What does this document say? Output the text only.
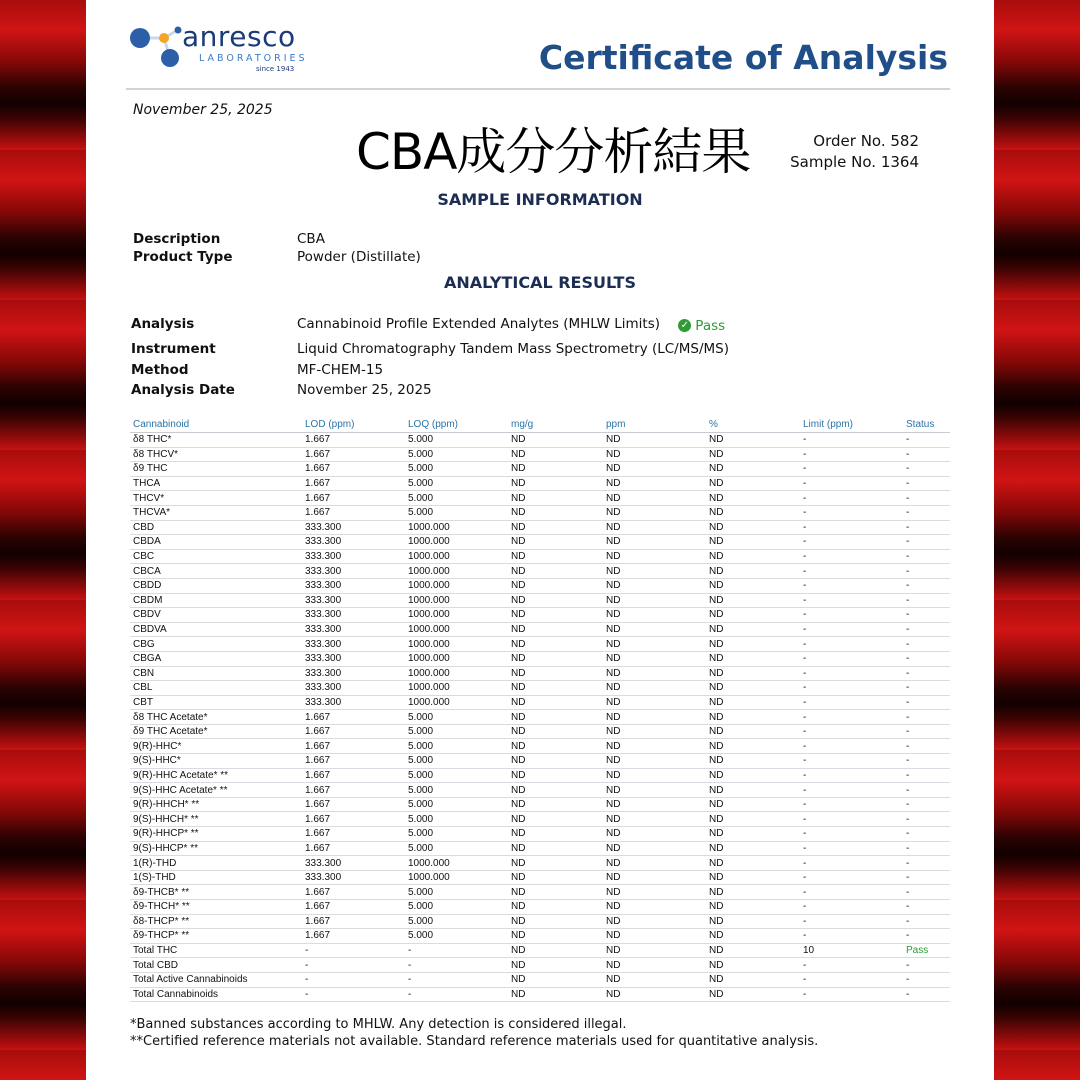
anresco
LABORATORIES
since 1943	Certificate of Analysis
November 25, 2025
CBA成分分析結果	Order No. 582
Sample No. 1364
SAMPLE INFORMATION
Description	CBA
Product Type	Powder (Distillate)
ANALYTICAL RESULTS
Analysis	Cannabinoid Profile Extended Analytes (MHLW Limits) ✓ Pass
Instrument	Liquid Chromatography Tandem Mass Spectrometry (LC/MS/MS)
Method	MF-CHEM-15
Analysis Date	November 25, 2025
Cannabinoid	LOD (ppm)	LOQ (ppm)	mg/g	ppm	%	Limit (ppm)	Status
δ8 THC*	1.667	5.000	ND	ND	ND	-	-
δ8 THCV*	1.667	5.000	ND	ND	ND	-	-
δ9 THC	1.667	5.000	ND	ND	ND	-	-
THCA	1.667	5.000	ND	ND	ND	-	-
THCV*	1.667	5.000	ND	ND	ND	-	-
THCVA*	1.667	5.000	ND	ND	ND	-	-
CBD	333.300	1000.000	ND	ND	ND	-	-
CBDA	333.300	1000.000	ND	ND	ND	-	-
CBC	333.300	1000.000	ND	ND	ND	-	-
CBCA	333.300	1000.000	ND	ND	ND	-	-
CBDD	333.300	1000.000	ND	ND	ND	-	-
CBDM	333.300	1000.000	ND	ND	ND	-	-
CBDV	333.300	1000.000	ND	ND	ND	-	-
CBDVA	333.300	1000.000	ND	ND	ND	-	-
CBG	333.300	1000.000	ND	ND	ND	-	-
CBGA	333.300	1000.000	ND	ND	ND	-	-
CBN	333.300	1000.000	ND	ND	ND	-	-
CBL	333.300	1000.000	ND	ND	ND	-	-
CBT	333.300	1000.000	ND	ND	ND	-	-
δ8 THC Acetate*	1.667	5.000	ND	ND	ND	-	-
δ9 THC Acetate*	1.667	5.000	ND	ND	ND	-	-
9(R)-HHC*	1.667	5.000	ND	ND	ND	-	-
9(S)-HHC*	1.667	5.000	ND	ND	ND	-	-
9(R)-HHC Acetate* **	1.667	5.000	ND	ND	ND	-	-
9(S)-HHC Acetate* **	1.667	5.000	ND	ND	ND	-	-
9(R)-HHCH* **	1.667	5.000	ND	ND	ND	-	-
9(S)-HHCH* **	1.667	5.000	ND	ND	ND	-	-
9(R)-HHCP* **	1.667	5.000	ND	ND	ND	-	-
9(S)-HHCP* **	1.667	5.000	ND	ND	ND	-	-
1(R)-THD	333.300	1000.000	ND	ND	ND	-	-
1(S)-THD	333.300	1000.000	ND	ND	ND	-	-
δ9-THCB* **	1.667	5.000	ND	ND	ND	-	-
δ9-THCH* **	1.667	5.000	ND	ND	ND	-	-
δ8-THCP* **	1.667	5.000	ND	ND	ND	-	-
δ9-THCP* **	1.667	5.000	ND	ND	ND	-	-
Total THC	-	-	ND	ND	ND	10	Pass
Total CBD	-	-	ND	ND	ND	-	-
Total Active Cannabinoids	-	-	ND	ND	ND	-	-
Total Cannabinoids	-	-	ND	ND	ND	-	-
*Banned substances according to MHLW. Any detection is considered illegal.
**Certified reference materials not available. Standard reference materials used for quantitative analysis.
